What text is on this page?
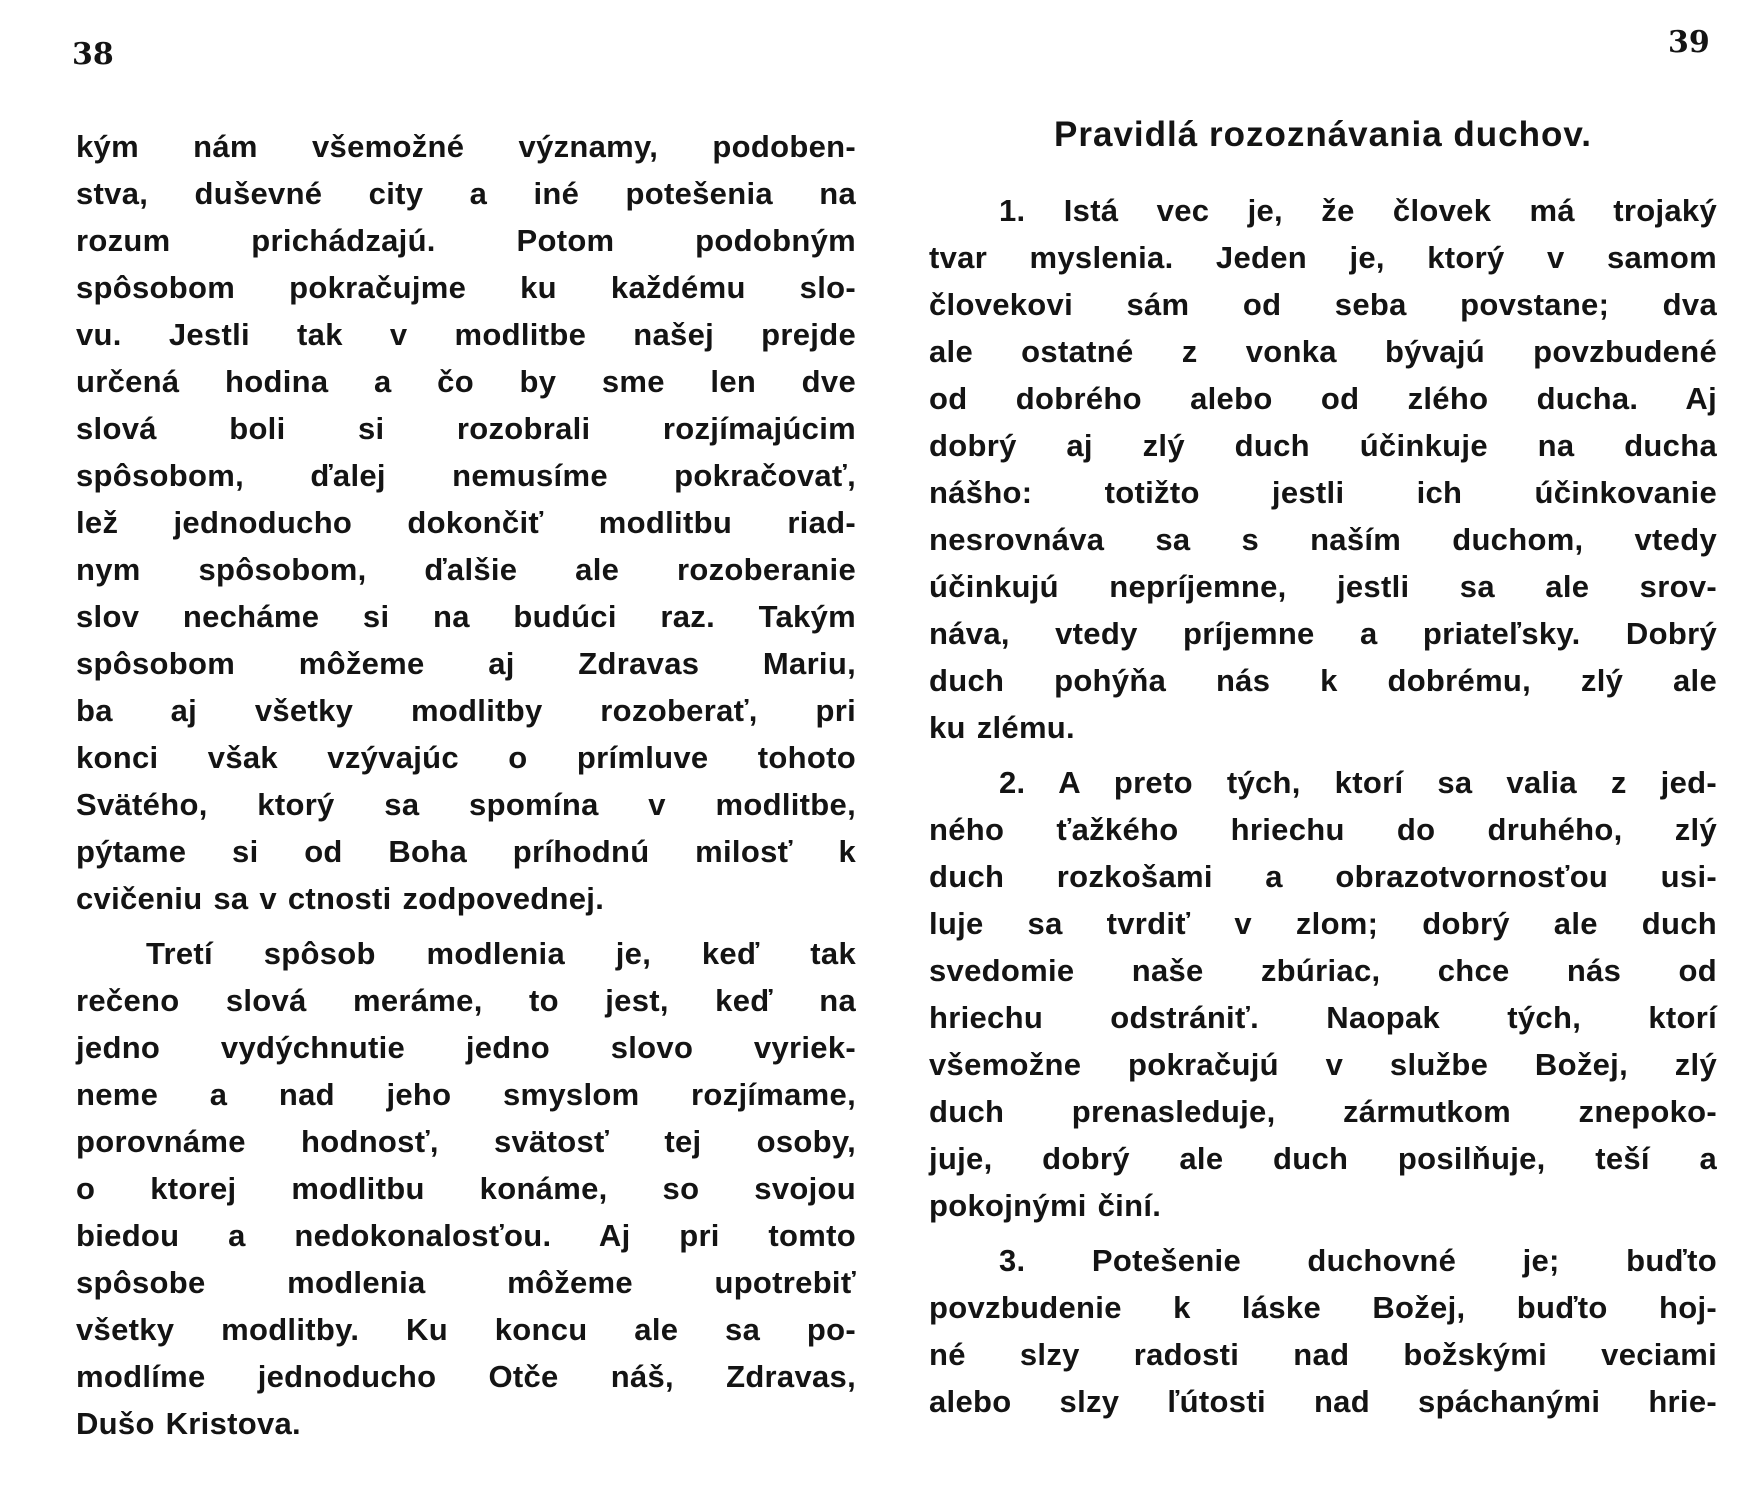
38	39
Pravidlá rozoznávania duchov.
kým nám všemožné významy, podoben-
stva, duševné city a iné potešenia na
rozum prichádzajú. Potom podobným
spôsobom pokračujme ku každému slo-
vu. Jestli tak v modlitbe našej prejde
určená hodina a čo by sme len dve
slová boli si rozobrali rozjímajúcim
spôsobom, ďalej nemusíme pokračovať,
lež jednoducho dokončiť modlitbu riad-
nym spôsobom, ďalšie ale rozoberanie
slov necháme si na budúci raz. Takým
spôsobom môžeme aj Zdravas Mariu,
ba aj všetky modlitby rozoberať, pri
konci však vzývajúc o prímluve tohoto
Svätého, ktorý sa spomína v modlitbe,
pýtame si od Boha príhodnú milosť k
cvičeniu sa v ctnosti zodpovednej.
Tretí spôsob modlenia je, keď tak
rečeno slová meráme, to jest, keď na
jedno vydýchnutie jedno slovo vyriek-
neme a nad jeho smyslom rozjímame,
porovnáme hodnosť, svätosť tej osoby,
o ktorej modlitbu konáme, so svojou
biedou a nedokonalosťou. Aj pri tomto
spôsobe modlenia môžeme upotrebiť
všetky modlitby. Ku koncu ale sa po-
modlíme jednoducho Otče náš, Zdravas,
Dušo Kristova.
1. Istá vec je, že človek má trojaký
tvar myslenia. Jeden je, ktorý v samom
človekovi sám od seba povstane; dva
ale ostatné z vonka bývajú povzbudené
od dobrého alebo od zlého ducha. Aj
dobrý aj zlý duch účinkuje na ducha
nášho: totižto jestli ich účinkovanie
nesrovnáva sa s naším duchom, vtedy
účinkujú nepríjemne, jestli sa ale srov-
náva, vtedy príjemne a priateľsky. Dobrý
duch pohýňa nás k dobrému, zlý ale
ku zlému.
2. A preto tých, ktorí sa valia z jed-
ného ťažkého hriechu do druhého, zlý
duch rozkošami a obrazotvornosťou usi-
luje sa tvrdiť v zlom; dobrý ale duch
svedomie naše zbúriac, chce nás od
hriechu odstrániť. Naopak tých, ktorí
všemožne pokračujú v službe Božej, zlý
duch prenasleduje, zármutkom znepoko-
juje, dobrý ale duch posilňuje, teší a
pokojnými činí.
3. Potešenie duchovné je; buďto
povzbudenie k láske Božej, buďto hoj-
né slzy radosti nad božskými veciami
alebo slzy ľútosti nad spáchanými hrie-
